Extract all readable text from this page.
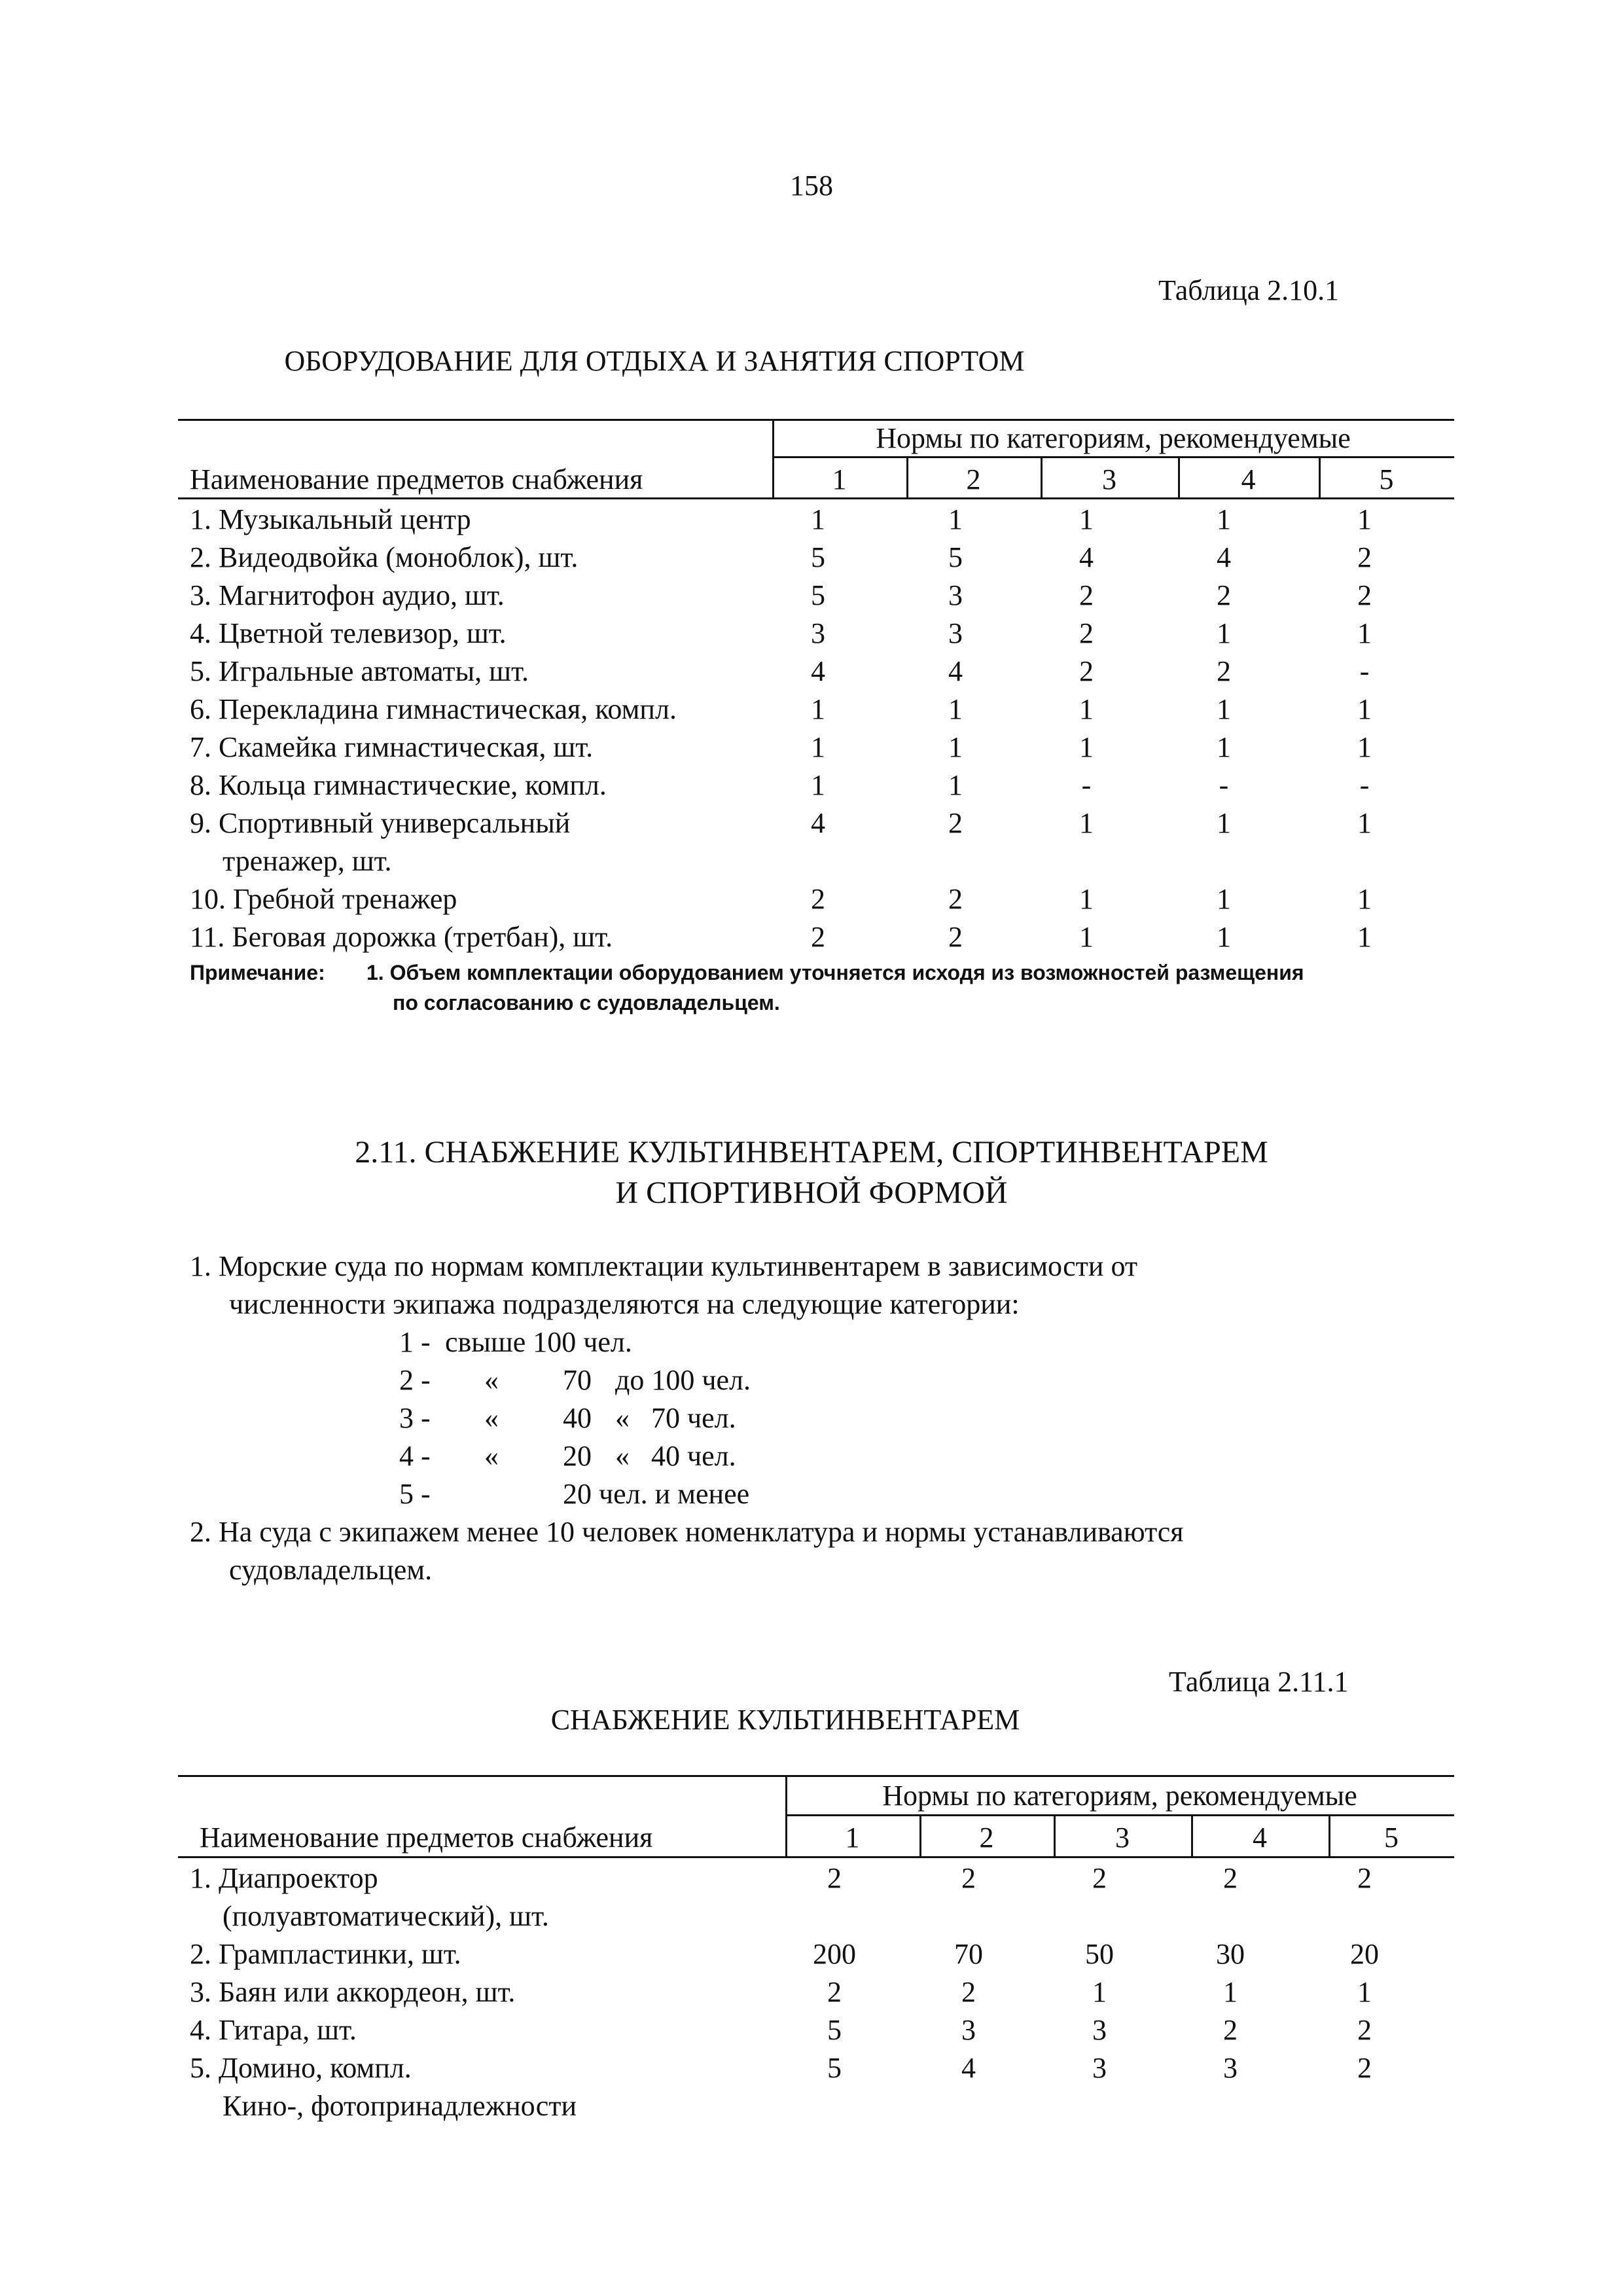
158
Таблица 2.10.1
ОБОРУДОВАНИЕ ДЛЯ ОТДЫХА И ЗАНЯТИЯ СПОРТОМ
Нормы по категориям, рекомендуемые
Наименование предметов снабжения	1	2	3	4	5
1. Музыкальный центр	1	1	1	1	1
2. Видеодвойка (моноблок), шт.	5	5	4	4	2
3. Магнитофон аудио, шт.	5	3	2	2	2
4. Цветной телевизор, шт.	3	3	2	1	1
5. Игральные автоматы, шт.	4	4	2	2	-
6. Перекладина гимнастическая, компл.	1	1	1	1	1
7. Скамейка гимнастическая, шт.	1	1	1	1	1
8. Кольца гимнастические, компл.	1	1	-	-	-
9. Спортивный универсальный
тренажер, шт.
4	2	1	1	1
10. Гребной тренажер	2	2	1	1	1
11. Беговая дорожка (третбан), шт.	2	2	1	1	1
Примечание: 1. Объем комплектации оборудованием уточняется исходя из возможностей размещения
по согласованию с судовладельцем.
2.11. СНАБЖЕНИЕ КУЛЬТИНВЕНТАРЕМ, СПОРТИНВЕНТАРЕМ
И СПОРТИВНОЙ ФОРМОЙ
1. Морские суда по нормам комплектации культинвентарем в зависимости от
численности экипажа подразделяются на следующие категории:
1 - свыше 100 чел.
2 - « 70 до 100 чел.
3 - « 40 «   70 чел.
4 - « 20 «   40 чел.
5 -	20 чел. и менее
2. На суда с экипажем менее 10 человек номенклатура и нормы устанавливаются
судовладельцем.
Таблица 2.11.1
СНАБЖЕНИЕ КУЛЬТИНВЕНТАРЕМ
Нормы по категориям, рекомендуемые
Наименование предметов снабжения	1	2	3	4	5
1. Диапроектор
(полуавтоматический), шт.
2	2	2	2	2
2. Грампластинки, шт.	200	70	50	30	20
3. Баян или аккордеон, шт.	2	2	1	1	1
4. Гитара, шт.	5	3	3	2	2
5. Домино, компл.	5	4	3	3	2
Кино-, фотопринадлежности
